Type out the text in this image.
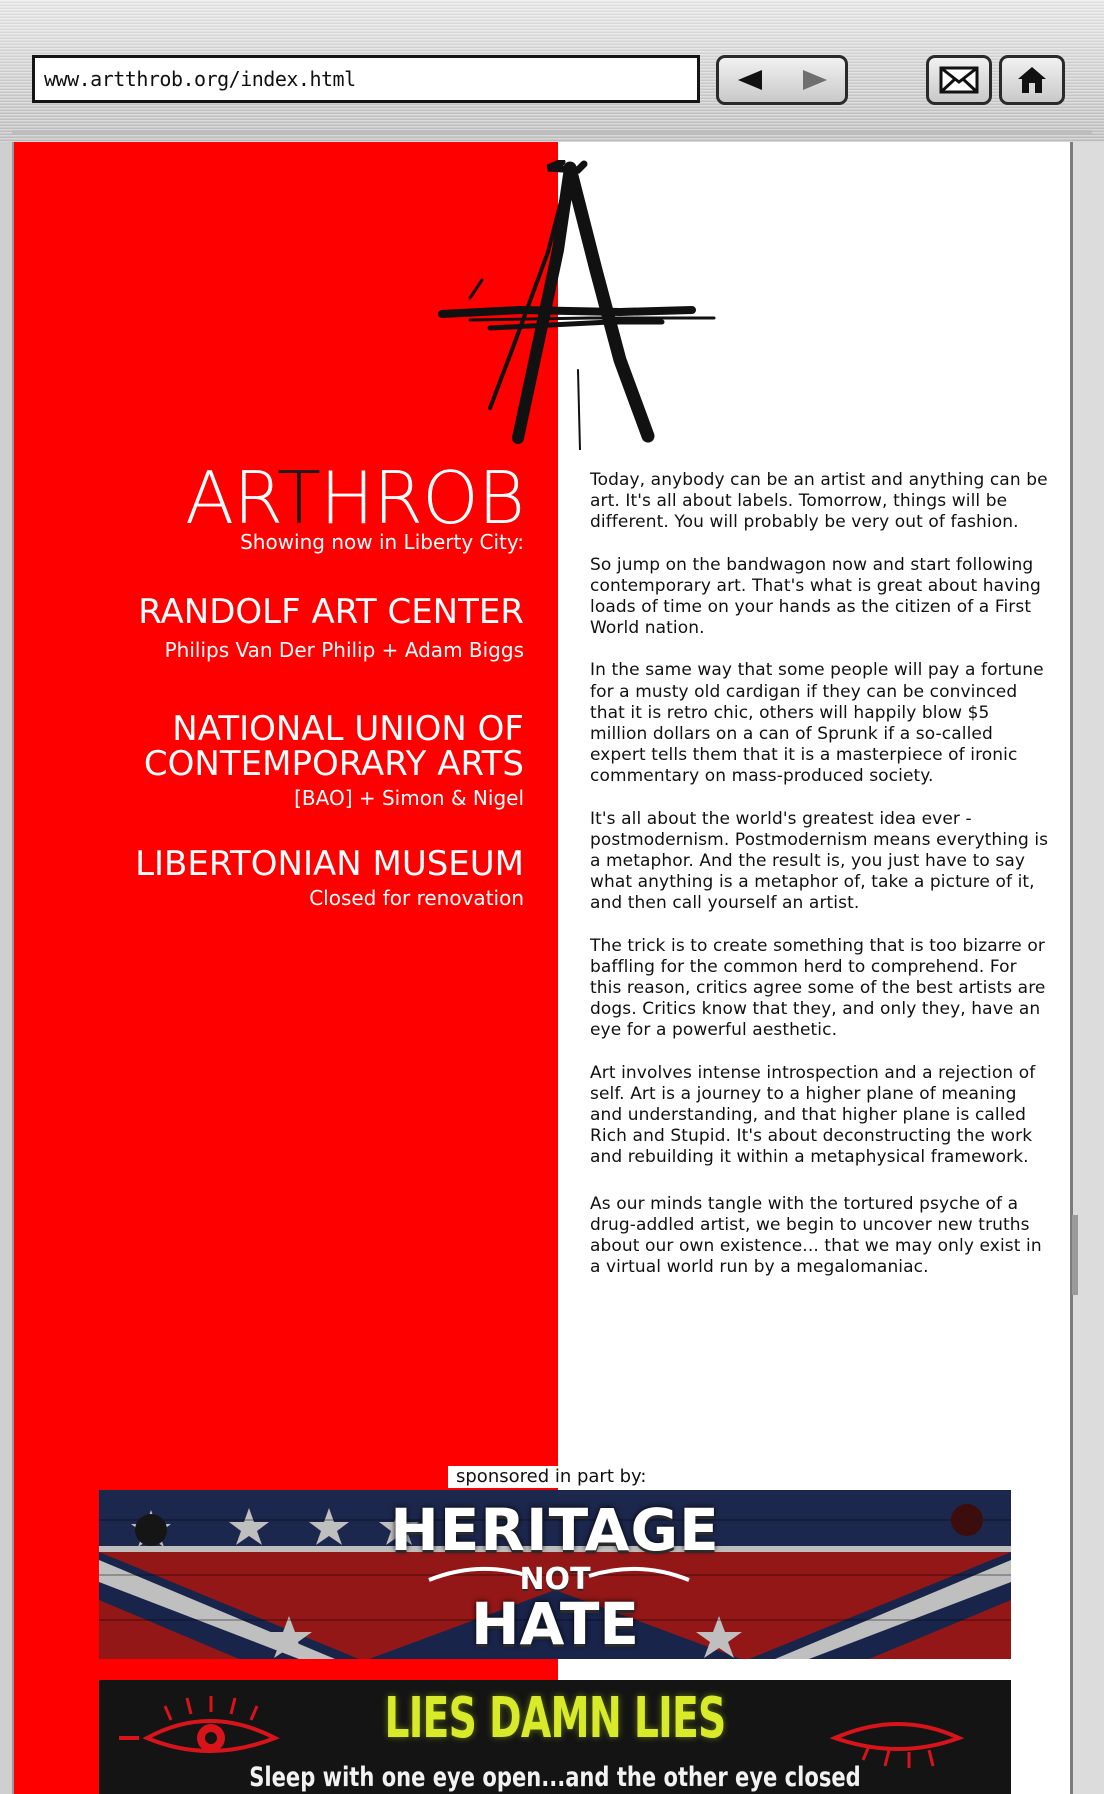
www.artthrob.org/index.html
ARTHROB
Showing now in Liberty City:
RANDOLF ART CENTER
Philips Van Der Philip + Adam Biggs
NATIONAL UNION OF
CONTEMPORARY ARTS
[BAO] + Simon & Nigel
LIBERTONIAN MUSEUM
Closed for renovation

Today, anybody can be an artist and anything can be art. It's all about labels. Tomorrow, things will be different. You will probably be very out of fashion.

So jump on the bandwagon now and start following contemporary art. That's what is great about having loads of time on your hands as the citizen of a First World nation.

In the same way that some people will pay a fortune for a musty old cardigan if they can be convinced that it is retro chic, others will happily blow $5 million dollars on a can of Sprunk if a so-called expert tells them that it is a masterpiece of ironic commentary on mass-produced society.

It's all about the world's greatest idea ever - postmodernism. Postmodernism means everything is a metaphor. And the result is, you just have to say what anything is a metaphor of, take a picture of it, and then call yourself an artist.

The trick is to create something that is too bizarre or baffling for the common herd to comprehend. For this reason, critics agree some of the best artists are dogs. Critics know that they, and only they, have an eye for a powerful aesthetic.

Art involves intense introspection and a rejection of self. Art is a journey to a higher plane of meaning and understanding, and that higher plane is called Rich and Stupid. It's about deconstructing the work and rebuilding it within a metaphysical framework.

As our minds tangle with the tortured psyche of a drug-addled artist, we begin to uncover new truths about our own existence... that we may only exist in a virtual world run by a megalomaniac.

sponsored in part by:
HERITAGE
NOT
HATE
LIES DAMN LIES
Sleep with one eye open...and the other eye closed
